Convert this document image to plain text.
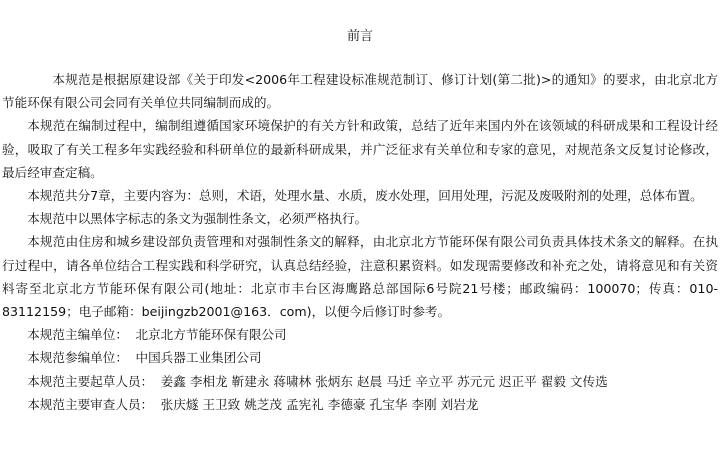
前言

本规范是根据原建设部《关于印发<2006年工程建设标准规范制订、修订计划(第二批)>的通知》的要求，由北京北方节能环保有限公司会同有关单位共同编制而成的。

本规范在编制过程中，编制组遵循国家环境保护的有关方针和政策，总结了近年来国内外在该领域的科研成果和工程设计经验，吸取了有关工程多年实践经验和科研单位的最新科研成果，并广泛征求有关单位和专家的意见，对规范条文反复讨论修改，最后经审查定稿。

本规范共分7章，主要内容为：总则，术语，处理水量、水质，废水处理，回用处理，污泥及废吸附剂的处理，总体布置。

本规范中以黑体字标志的条文为强制性条文，必须严格执行。

本规范由住房和城乡建设部负责管理和对强制性条文的解释，由北京北方节能环保有限公司负责具体技术条文的解释。在执行过程中，请各单位结合工程实践和科学研究，认真总结经验，注意积累资料。如发现需要修改和补充之处，请将意见和有关资料寄至北京北方节能环保有限公司(地址：北京市丰台区海鹰路总部国际6号院21号楼；邮政编码：100070；传真：010-83112159；电子邮箱：beijingzb2001@163．com)，以便今后修订时参考。

本规范主编单位： 北京北方节能环保有限公司

本规范参编单位： 中国兵器工业集团公司

本规范主要起草人员： 姜鑫 李相龙 靳建永 蒋啸林 张炳东 赵晨 马迁 辛立平 苏元元 迟正平 翟毅 文传选

本规范主要审查人员： 张庆燧 王卫致 姚芝茂 孟宪礼 李德豪 孔宝华 李刚 刘岩龙
